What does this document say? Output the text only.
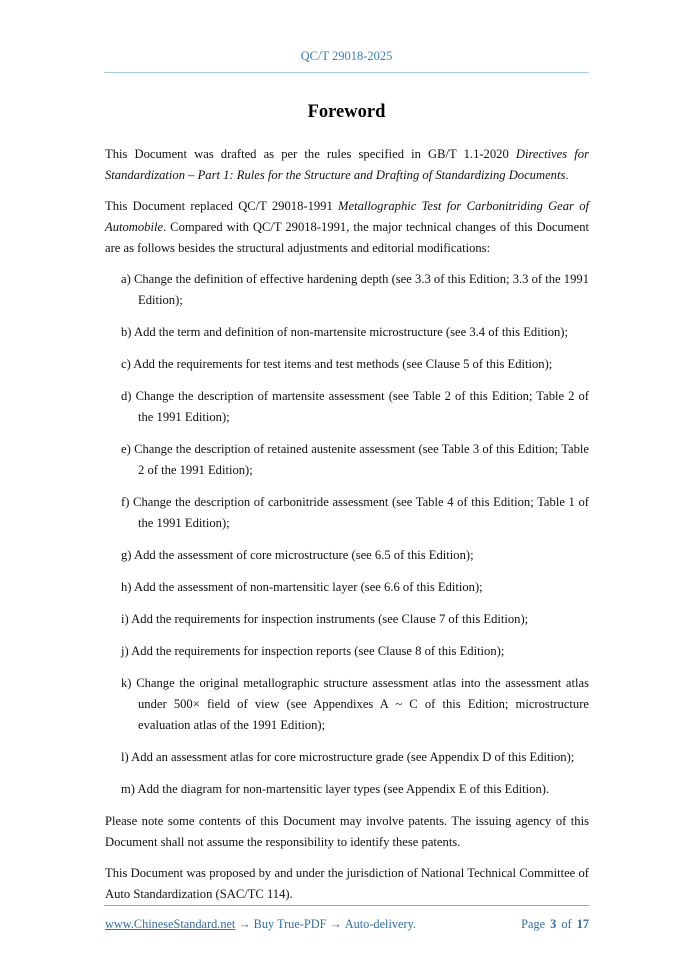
QC/T 29018-2025
Foreword

This Document was drafted as per the rules specified in GB/T 1.1-2020 Directives for Standardization – Part 1: Rules for the Structure and Drafting of Standardizing Documents.

This Document replaced QC/T 29018-1991 Metallographic Test for Carbonitriding Gear of Automobile. Compared with QC/T 29018-1991, the major technical changes of this Document are as follows besides the structural adjustments and editorial modifications:

a) Change the definition of effective hardening depth (see 3.3 of this Edition; 3.3 of the 1991 Edition);
b) Add the term and definition of non-martensite microstructure (see 3.4 of this Edition);
c) Add the requirements for test items and test methods (see Clause 5 of this Edition);
d) Change the description of martensite assessment (see Table 2 of this Edition; Table 2 of the 1991 Edition);
e) Change the description of retained austenite assessment (see Table 3 of this Edition; Table 2 of the 1991 Edition);
f) Change the description of carbonitride assessment (see Table 4 of this Edition; Table 1 of the 1991 Edition);
g) Add the assessment of core microstructure (see 6.5 of this Edition);
h) Add the assessment of non-martensitic layer (see 6.6 of this Edition);
i) Add the requirements for inspection instruments (see Clause 7 of this Edition);
j) Add the requirements for inspection reports (see Clause 8 of this Edition);
k) Change the original metallographic structure assessment atlas into the assessment atlas under 500× field of view (see Appendixes A ~ C of this Edition; microstructure evaluation atlas of the 1991 Edition);
l) Add an assessment atlas for core microstructure grade (see Appendix D of this Edition);
m) Add the diagram for non-martensitic layer types (see Appendix E of this Edition).

Please note some contents of this Document may involve patents. The issuing agency of this Document shall not assume the responsibility to identify these patents.

This Document was proposed by and under the jurisdiction of National Technical Committee of Auto Standardization (SAC/TC 114).

www.ChineseStandard.net → Buy True-PDF → Auto-delivery.	Page 3 of 17
